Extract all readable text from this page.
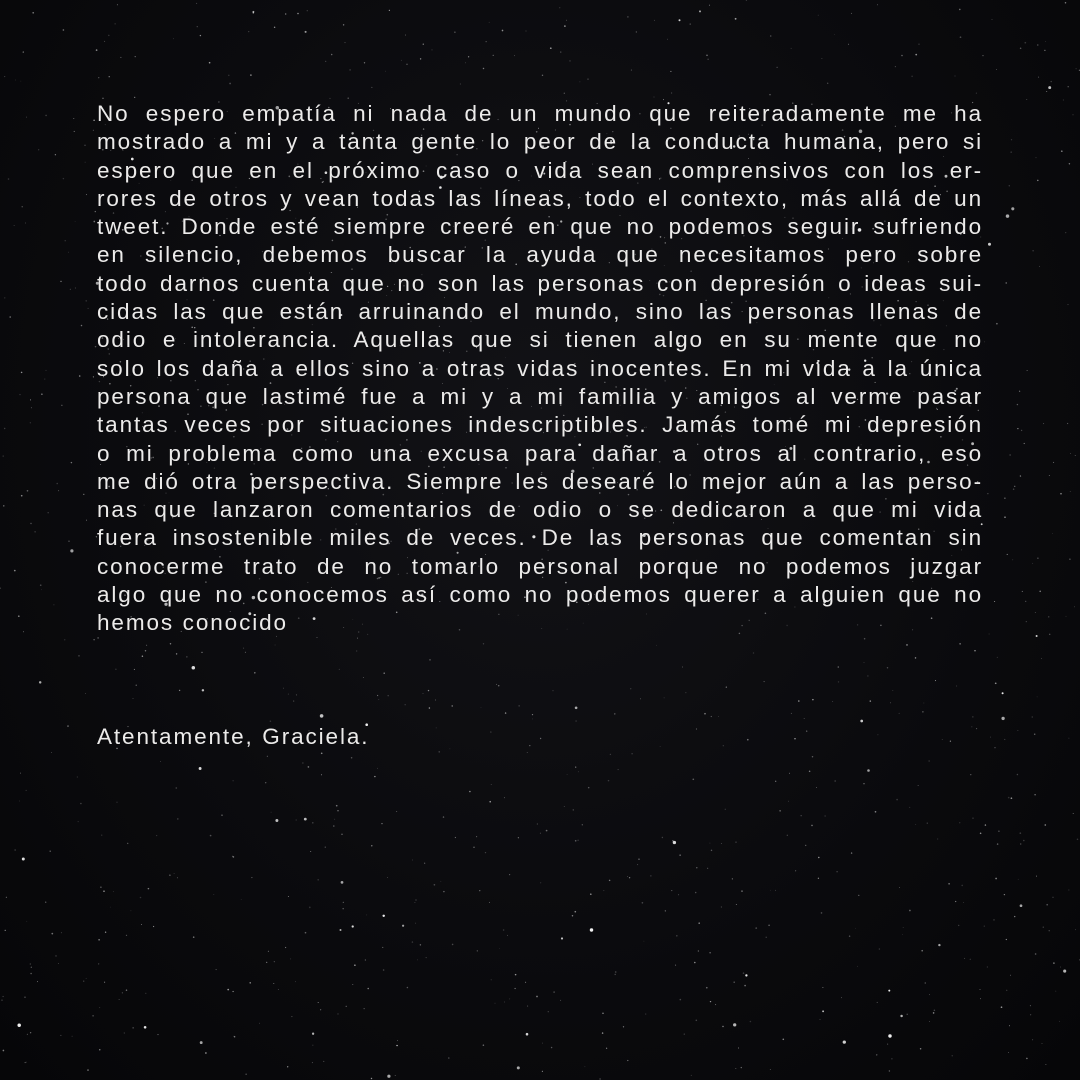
No espero empatía ni nada de un mundo que reiteradamente me ha
mostrado a mi y a tanta gente lo peor de la conducta humana, pero si
espero que en el próximo caso o vida sean comprensivos con los er-
rores de otros y vean todas las líneas, todo el contexto, más allá de un
tweet. Donde esté siempre creeré en que no podemos seguir sufriendo
en silencio, debemos buscar la ayuda que necesitamos pero sobre
todo darnos cuenta que no son las personas con depresión o ideas sui-
cidas las que están arruinando el mundo, sino las personas llenas de
odio e intolerancia. Aquellas que si tienen algo en su mente que no
solo los daña a ellos sino a otras vidas inocentes. En mi vida a la única
persona que lastimé fue a mi y a mi familia y amigos al verme pasar
tantas veces por situaciones indescriptibles. Jamás tomé mi depresión
o mi problema como una excusa para dañar a otros al contrario, eso
me dió otra perspectiva. Siempre les desearé lo mejor aún a las perso-
nas que lanzaron comentarios de odio o se dedicaron a que mi vida
fuera insostenible miles de veces. De las personas que comentan sin
conocerme trato de no tomarlo personal porque no podemos juzgar
algo que no conocemos así como no podemos querer a alguien que no
hemos conocido

Atentamente, Graciela.
